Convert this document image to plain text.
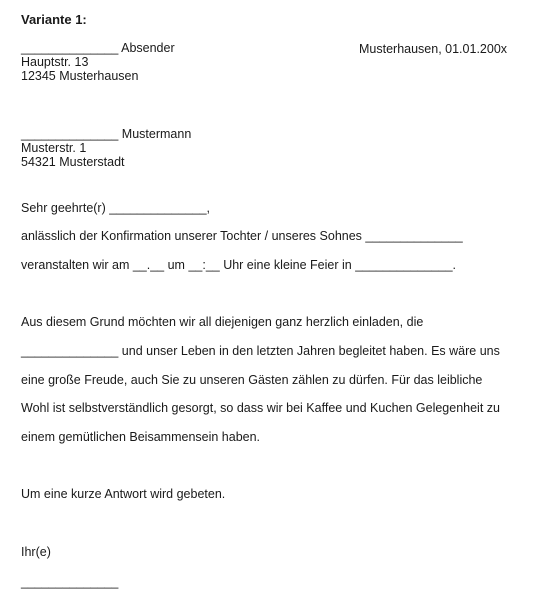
Variante 1:
______________ Absender	Musterhausen, 01.01.200x
Hauptstr. 13
12345 Musterhausen
______________ Mustermann
Musterstr. 1
54321 Musterstadt
Sehr geehrte(r) ______________,
anlässlich der Konfirmation unserer Tochter / unseres Sohnes ______________
veranstalten wir am __.__ um __:__ Uhr eine kleine Feier in ______________.
Aus diesem Grund möchten wir all diejenigen ganz herzlich einladen, die
______________ und unser Leben in den letzten Jahren begleitet haben. Es wäre uns
eine große Freude, auch Sie zu unseren Gästen zählen zu dürfen. Für das leibliche
Wohl ist selbstverständlich gesorgt, so dass wir bei Kaffee und Kuchen Gelegenheit zu
einem gemütlichen Beisammensein haben.
Um eine kurze Antwort wird gebeten.
Ihr(e)
______________
